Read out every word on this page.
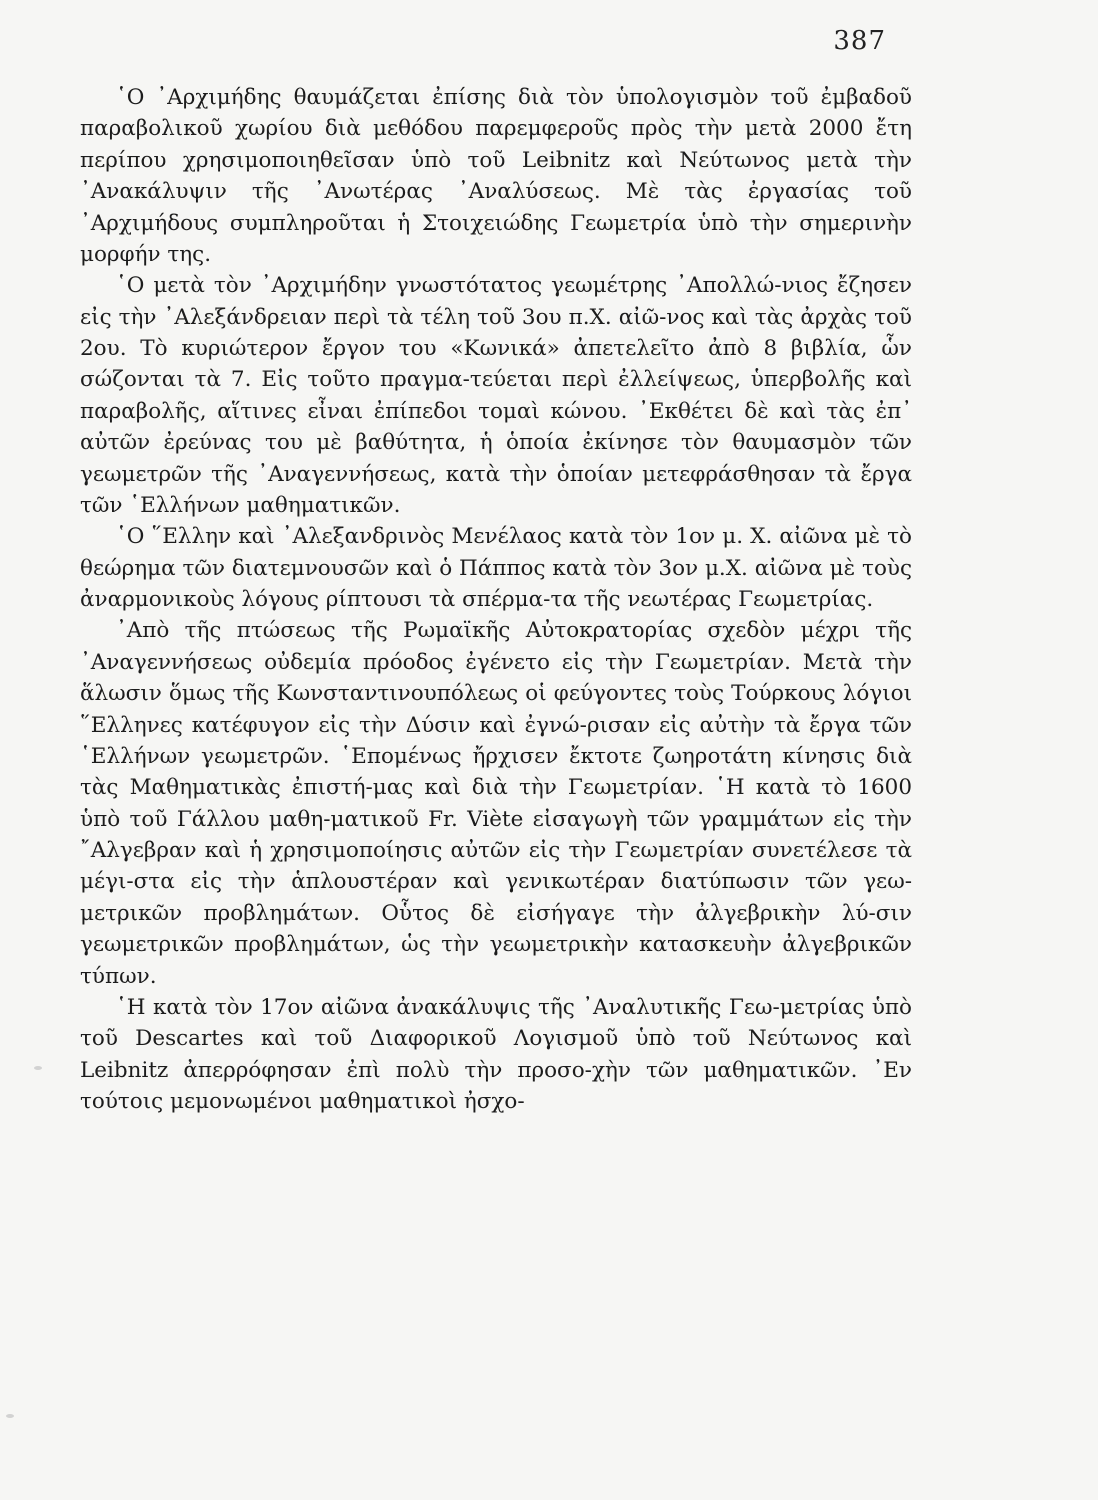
387

῾Ο ᾿Αρχιμήδης θαυμάζεται ἐπίσης διὰ τὸν ὑπολογισμὸν τοῦ ἐμβαδοῦ παραβολικοῦ χωρίου διὰ μεθόδου παρεμφεροῦς πρὸς τὴν μετὰ 2000 ἔτη περίπου χρησιμοποιηθεῖσαν ὑπὸ τοῦ Leibnitz καὶ Νεύτωνος μετὰ τὴν ᾿Ανακάλυψιν τῆς ᾿Ανωτέρας ᾿Αναλύσεως. Μὲ τὰς ἐργασίας τοῦ ᾿Αρχιμήδους συμπληροῦται ἡ Στοιχειώδης Γεωμετρία ὑπὸ τὴν σημερινὴν μορφήν της.

῾Ο μετὰ τὸν ᾿Αρχιμήδην γνωστότατος γεωμέτρης ᾿Απολλώ-νιος ἔζησεν εἰς τὴν ᾿Αλεξάνδρειαν περὶ τὰ τέλη τοῦ 3ου π.Χ. αἰῶ-νος καὶ τὰς ἀρχὰς τοῦ 2ου. Τὸ κυριώτερον ἔργον του «Κωνικά» ἀπετελεῖτο ἀπὸ 8 βιβλία, ὧν σώζονται τὰ 7. Εἰς τοῦτο πραγμα-τεύεται περὶ ἐλλείψεως, ὑπερβολῆς καὶ παραβολῆς, αἵτινες εἶναι ἐπίπεδοι τομαὶ κώνου. ᾿Εκθέτει δὲ καὶ τὰς ἐπ᾿ αὐτῶν ἐρεύνας του μὲ βαθύτητα, ἡ ὁποία ἐκίνησε τὸν θαυμασμὸν τῶν γεωμετρῶν τῆς ᾿Αναγεννήσεως, κατὰ τὴν ὁποίαν μετεφράσθησαν τὰ ἔργα τῶν ῾Ελλήνων μαθηματικῶν.

῾Ο ῞Ελλην καὶ ᾿Αλεξανδρινὸς Μενέλαος κατὰ τὸν 1ον μ. Χ. αἰῶνα μὲ τὸ θεώρημα τῶν διατεμνουσῶν καὶ ὁ Πάππος κατὰ τὸν 3ον μ.Χ. αἰῶνα μὲ τοὺς ἀναρμονικοὺς λόγους ρίπτουσι τὰ σπέρμα-τα τῆς νεωτέρας Γεωμετρίας.

᾿Απὸ τῆς πτώσεως τῆς Ρωμαϊκῆς Αὐτοκρατορίας σχεδὸν μέχρι τῆς ᾿Αναγεννήσεως οὐδεμία πρόοδος ἐγένετο εἰς τὴν Γεωμετρίαν. Μετὰ τὴν ἅλωσιν ὅμως τῆς Κωνσταντινουπόλεως οἱ φεύγοντες τοὺς Τούρκους λόγιοι ῞Ελληνες κατέφυγον εἰς τὴν Δύσιν καὶ ἐγνώ-ρισαν εἰς αὐτὴν τὰ ἔργα τῶν ῾Ελλήνων γεωμετρῶν. ῾Επομένως ἤρχισεν ἔκτοτε ζωηροτάτη κίνησις διὰ τὰς Μαθηματικὰς ἐπιστή-μας καὶ διὰ τὴν Γεωμετρίαν. ῾Η κατὰ τὸ 1600 ὑπὸ τοῦ Γάλλου μαθη-ματικοῦ Fr. Viète εἰσαγωγὴ τῶν γραμμάτων εἰς τὴν ῎Αλγεβραν καὶ ἡ χρησιμοποίησις αὐτῶν εἰς τὴν Γεωμετρίαν συνετέλεσε τὰ μέγι-στα εἰς τὴν ἁπλουστέραν καὶ γενικωτέραν διατύπωσιν τῶν γεω-μετρικῶν προβλημάτων. Οὗτος δὲ εἰσήγαγε τὴν ἀλγεβρικὴν λύ-σιν γεωμετρικῶν προβλημάτων, ὡς τὴν γεωμετρικὴν κατασκευὴν ἀλγεβρικῶν τύπων.

῾Η κατὰ τὸν 17ον αἰῶνα ἀνακάλυψις τῆς ᾿Αναλυτικῆς Γεω-μετρίας ὑπὸ τοῦ Descartes καὶ τοῦ Διαφορικοῦ Λογισμοῦ ὑπὸ τοῦ Νεύτωνος καὶ Leibnitz ἀπερρόφησαν ἐπὶ πολὺ τὴν προσο-χὴν τῶν μαθηματικῶν. ᾿Εν τούτοις μεμονωμένοι μαθηματικοὶ ἠσχο-
